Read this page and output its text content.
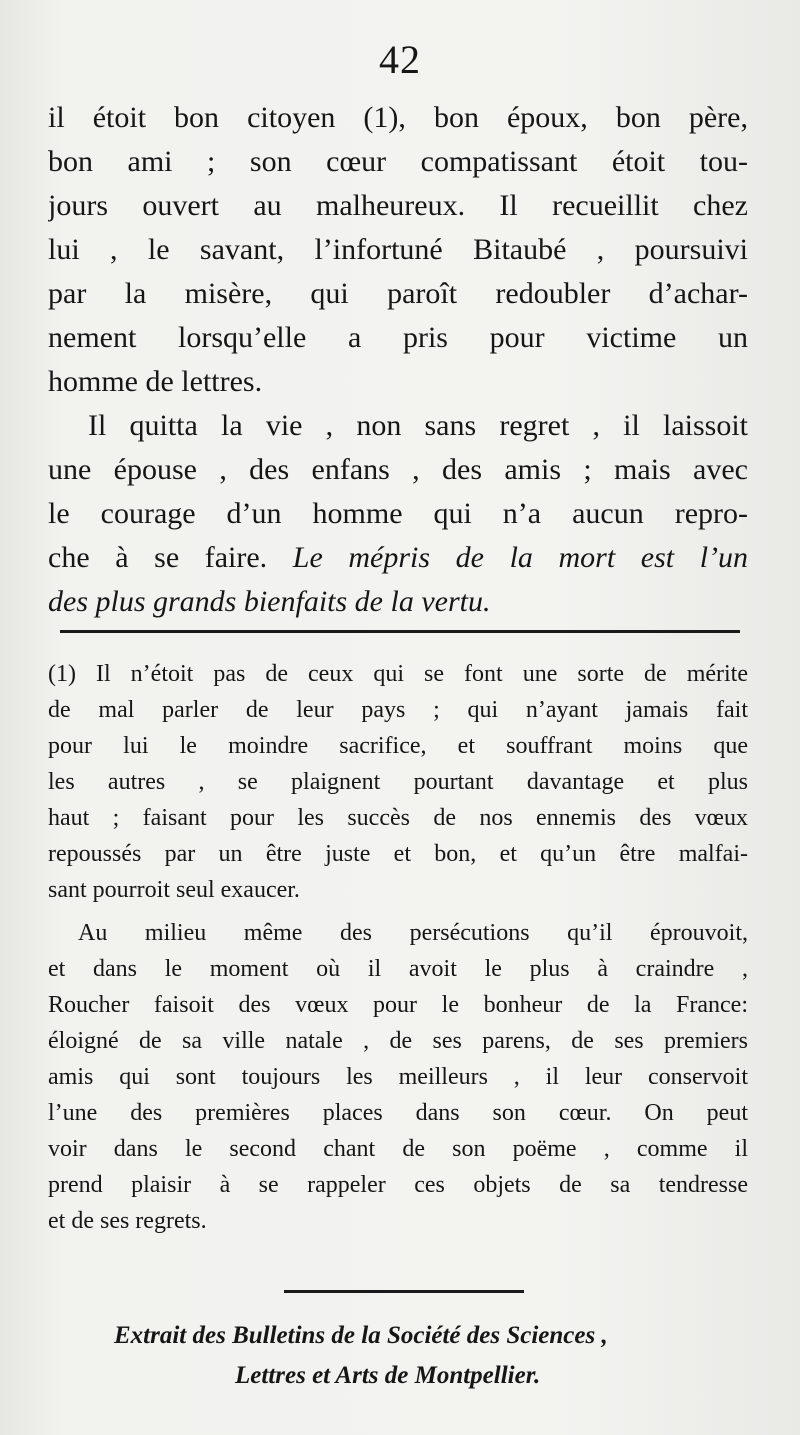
42
il étoit bon citoyen (1), bon époux, bon père,
bon ami ; son cœur compatissant étoit tou-
jours ouvert au malheureux. Il recueillit chez
lui , le savant, l’infortuné Bitaubé , poursuivi
par la misère, qui paroît redoubler d’achar-
nement lorsqu’elle a pris pour victime un
homme de lettres.
Il quitta la vie , non sans regret , il laissoit
une épouse , des enfans , des amis ; mais avec
le courage d’un homme qui n’a aucun repro-
che à se faire. Le mépris de la mort est l’un
des plus grands bienfaits de la vertu.
(1) Il n’étoit pas de ceux qui se font une sorte de mérite
de mal parler de leur pays ; qui n’ayant jamais fait
pour lui le moindre sacrifice, et souffrant moins que
les autres , se plaignent pourtant davantage et plus
haut ; faisant pour les succès de nos ennemis des vœux
repoussés par un être juste et bon, et qu’un être malfai-
sant pourroit seul exaucer.
Au milieu même des persécutions qu’il éprouvoit,
et dans le moment où il avoit le plus à craindre ,
Roucher faisoit des vœux pour le bonheur de la France:
éloigné de sa ville natale , de ses parens, de ses premiers
amis qui sont toujours les meilleurs , il leur conservoit
l’une des premières places dans son cœur. On peut
voir dans le second chant de son poëme , comme il
prend plaisir à se rappeler ces objets de sa tendresse
et de ses regrets.
Extrait des Bulletins de la Société des Sciences ,
Lettres et Arts de Montpellier.
